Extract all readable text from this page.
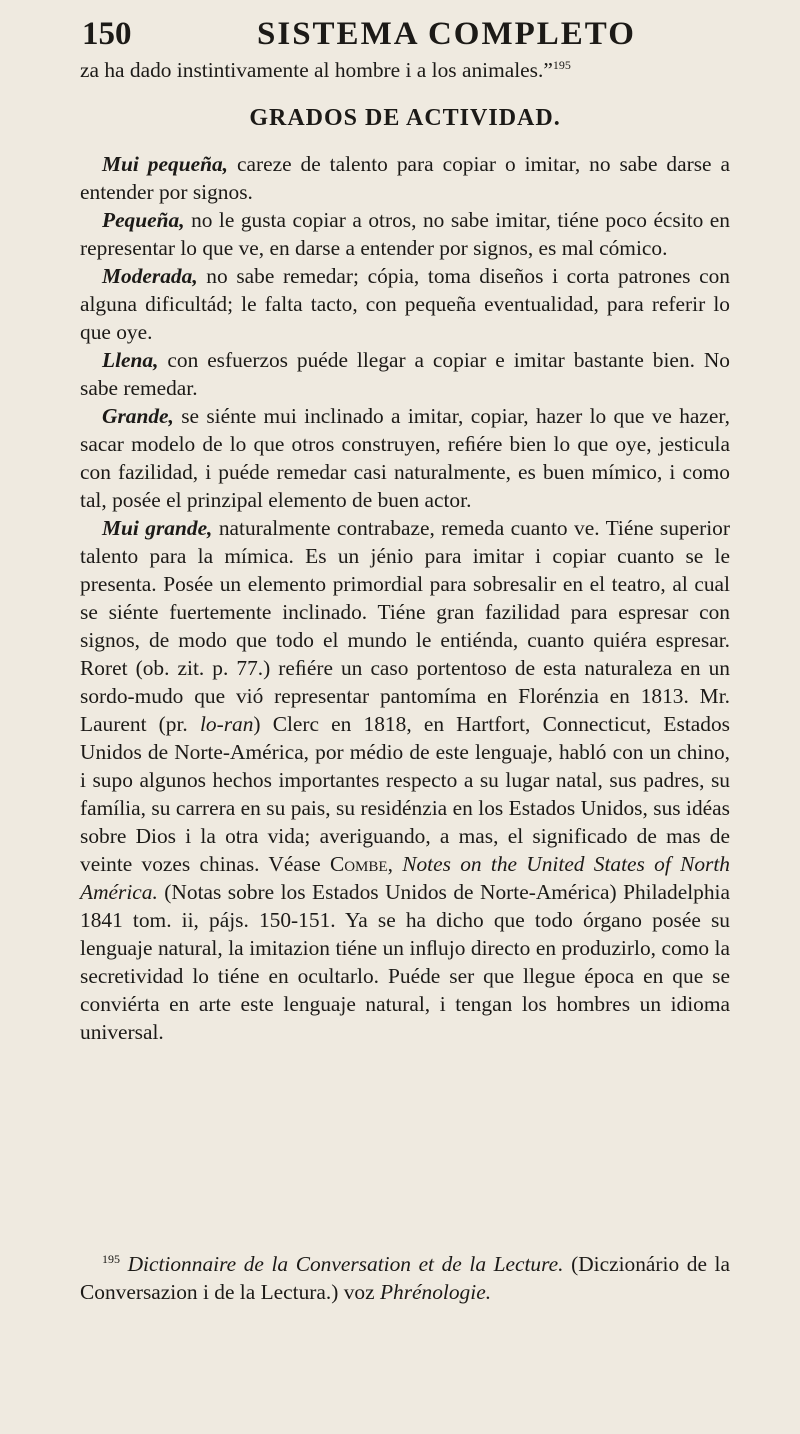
150	SISTEMA COMPLETO

za ha dado instintivamente al hombre i a los animales.”$^{195}$

GRADOS DE ACTIVIDAD.

Mui pequeña, careze de talento para copiar o imitar, no sabe darse a entender por signos.

Pequeña, no le gusta copiar a otros, no sabe imitar, tiéne poco écsito en representar lo que ve, en darse a entender por signos, es mal cómico.

Moderada, no sabe remedar; cópia, toma diseños i corta patrones con alguna dificultád; le falta tacto, con pequeña eventualidad, para referir lo que oye.

Llena, con esfuerzos puéde llegar a copiar e imitar bastante bien. No sabe remedar.

Grande, se siénte mui inclinado a imitar, copiar, hazer lo que ve hazer, sacar modelo de lo que otros construyen, reﬁére bien lo que oye, jesticula con fazilidad, i puéde remedar casi naturalmente, es buen mímico, i como tal, posée el prinzipal elemento de buen actor.

Mui grande, naturalmente contrabaze, remeda cuanto ve. Tiéne superior talento para la mímica. Es un jénio para imitar i copiar cuanto se le presenta. Posée un elemento primordial para sobresalir en el teatro, al cual se siénte fuertemente inclinado. Tiéne gran fazilidad para espresar con signos, de modo que todo el mundo le entiénda, cuanto quiéra espresar. Roret (ob. zit. p. 77.) reﬁére un caso portentoso de esta naturaleza en un sordo-mudo que vió representar pantomíma en Florénzia en 1813. Mr. Laurent (pr. lo-ran) Clerc en 1818, en Hartfort, Connecticut, Estados Unidos de Norte-América, por médio de este lenguaje, habló con un chino, i supo algunos hechos importantes respecto a su lugar natal, sus padres, su família, su carrera en su pais, su residénzia en los Estados Unidos, sus idéas sobre Dios i la otra vida; averiguando, a mas, el significado de mas de veinte vozes chinas. Véase Combe, Notes on the United States of North América. (Notas sobre los Estados Unidos de Norte-América) Philadelphia 1841 tom. ii, pájs. 150-151. Ya se ha dicho que todo órgano posée su lenguaje natural, la imitazion tiéne un inﬂujo directo en produzirlo, como la secretividad lo tiéne en ocultarlo. Puéde ser que llegue época en que se conviérta en arte este lenguaje natural, i tengan los hombres un idioma universal.

$^{195}$ Dictionnaire de la Conversation et de la Lecture. (Diczionário de la Conversazion i de la Lectura.) voz Phrénologie.
